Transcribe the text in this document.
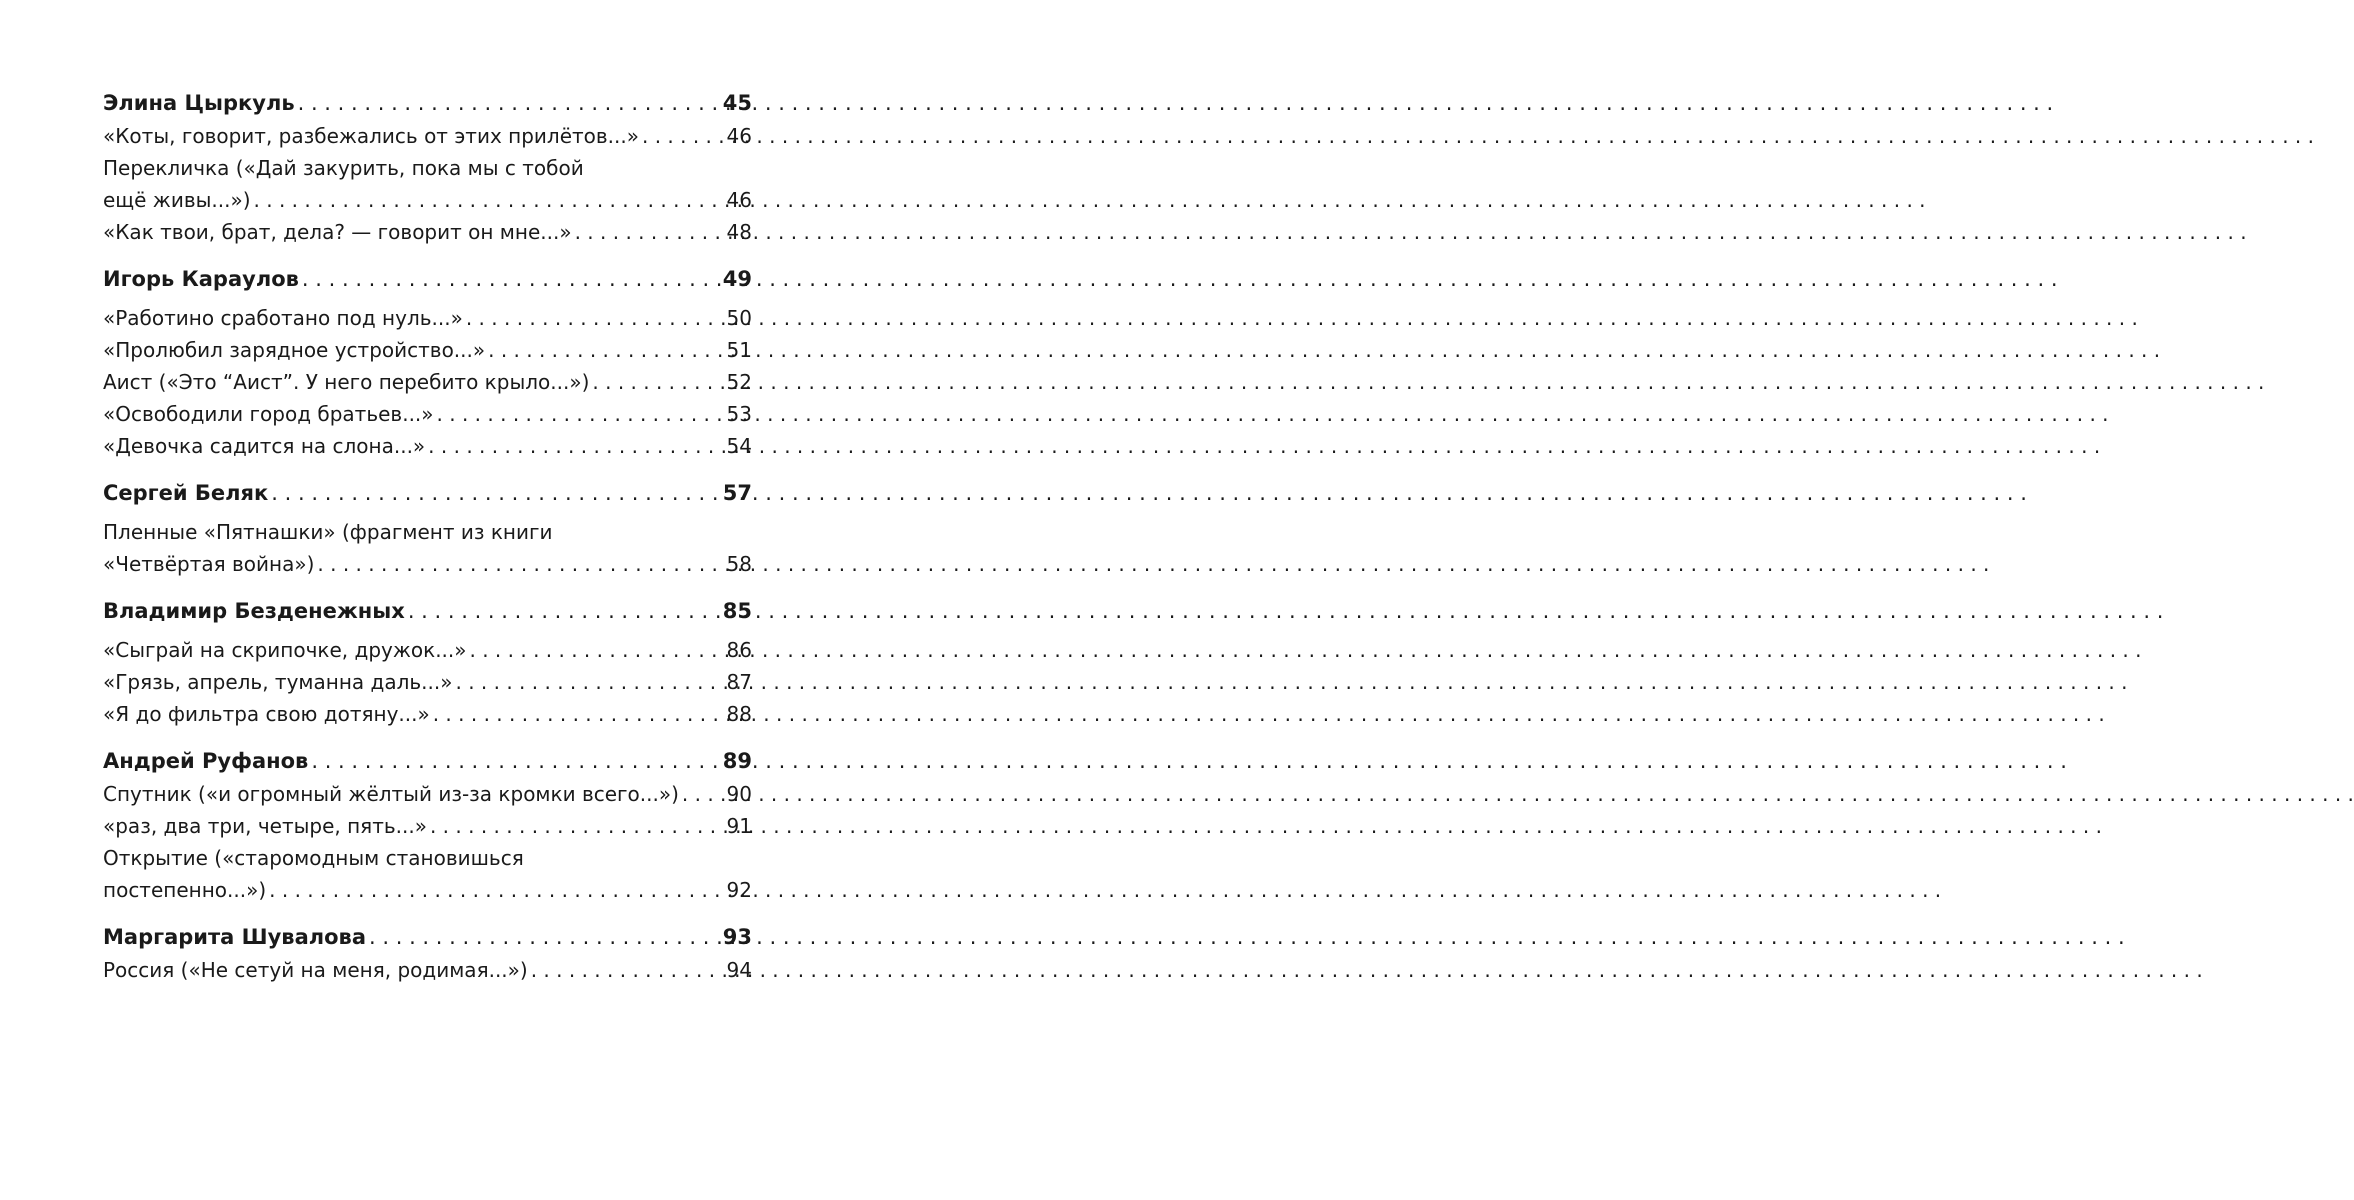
Элина Цыркуль . . .	45
«Коты, говорит, разбежались от этих прилётов...» . . .	46
Перекличка («Дай закурить, пока мы с тобой
ещё живы...») . . .	46
«Как твои, брат, дела? — говорит он мне...» . . .	48
Игорь Караулов . . .	49
«Работино сработано под нуль...» . . .	50
«Пролюбил зарядное устройство...» . . .	51
Аист («Это “Аист”. У него перебито крыло...») . . .	52
«Освободили город братьев...» . . .	53
«Девочка садится на слона...» . . .	54
Сергей Беляк . . .	57
Пленные «Пятнашки» (фрагмент из книги
«Четвёртая война») . . .	58
Владимир Безденежных . . .	85
«Сыграй на скрипочке, дружок...» . . .	86
«Грязь, апрель, туманна даль...» . . .	87
«Я до фильтра свою дотяну...» . . .	88
Андрей Руфанов . . .	89
Спутник («и огромный жёлтый из-за кромки всего...») . . . 90
«раз, два три, четыре, пять...» . . .	91
Открытие («старомодным становишься
постепенно...») . . .	92
Маргарита Шувалова . . .	93
Россия («Не сетуй на меня, родимая...») . . .	94
